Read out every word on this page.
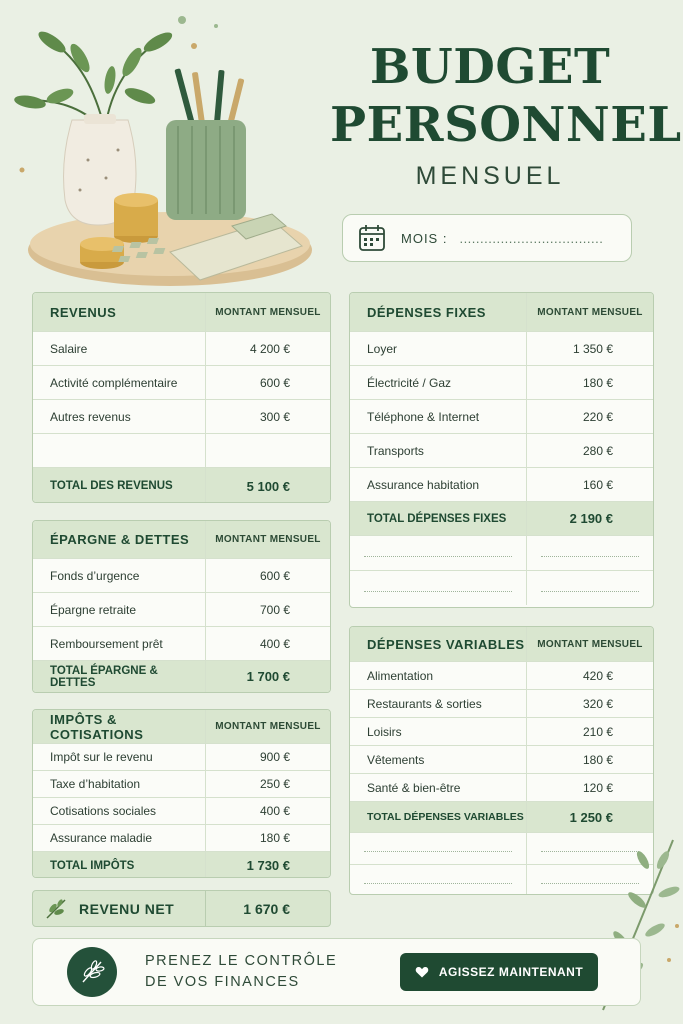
BUDGET
PERSONNEL
MENSUEL
MOIS : ...................................
REVENUS	MONTANT MENSUEL
Salaire	4 200 €
Activité complémentaire	600 €
Autres revenus	300 €
TOTAL DES REVENUS	5 100 €
ÉPARGNE & DETTES	MONTANT MENSUEL
Fonds d’urgence	600 €
Épargne retraite	700 €
Remboursement prêt	400 €
TOTAL ÉPARGNE & DETTES	1 700 €
IMPÔTS & COTISATIONS	MONTANT MENSUEL
Impôt sur le revenu	900 €
Taxe d’habitation	250 €
Cotisations sociales	400 €
Assurance maladie	180 €
TOTAL IMPÔTS	1 730 €
REVENU NET	1 670 €
DÉPENSES FIXES	MONTANT MENSUEL
Loyer	1 350 €
Électricité / Gaz	180 €
Téléphone & Internet	220 €
Transports	280 €
Assurance habitation	160 €
TOTAL DÉPENSES FIXES	2 190 €
DÉPENSES VARIABLES	MONTANT MENSUEL
Alimentation	420 €
Restaurants & sorties	320 €
Loisirs	210 €
Vêtements	180 €
Santé & bien-être	120 €
TOTAL DÉPENSES VARIABLES	1 250 €
PRENEZ LE CONTRÔLE
DE VOS FINANCES
AGISSEZ MAINTENANT
